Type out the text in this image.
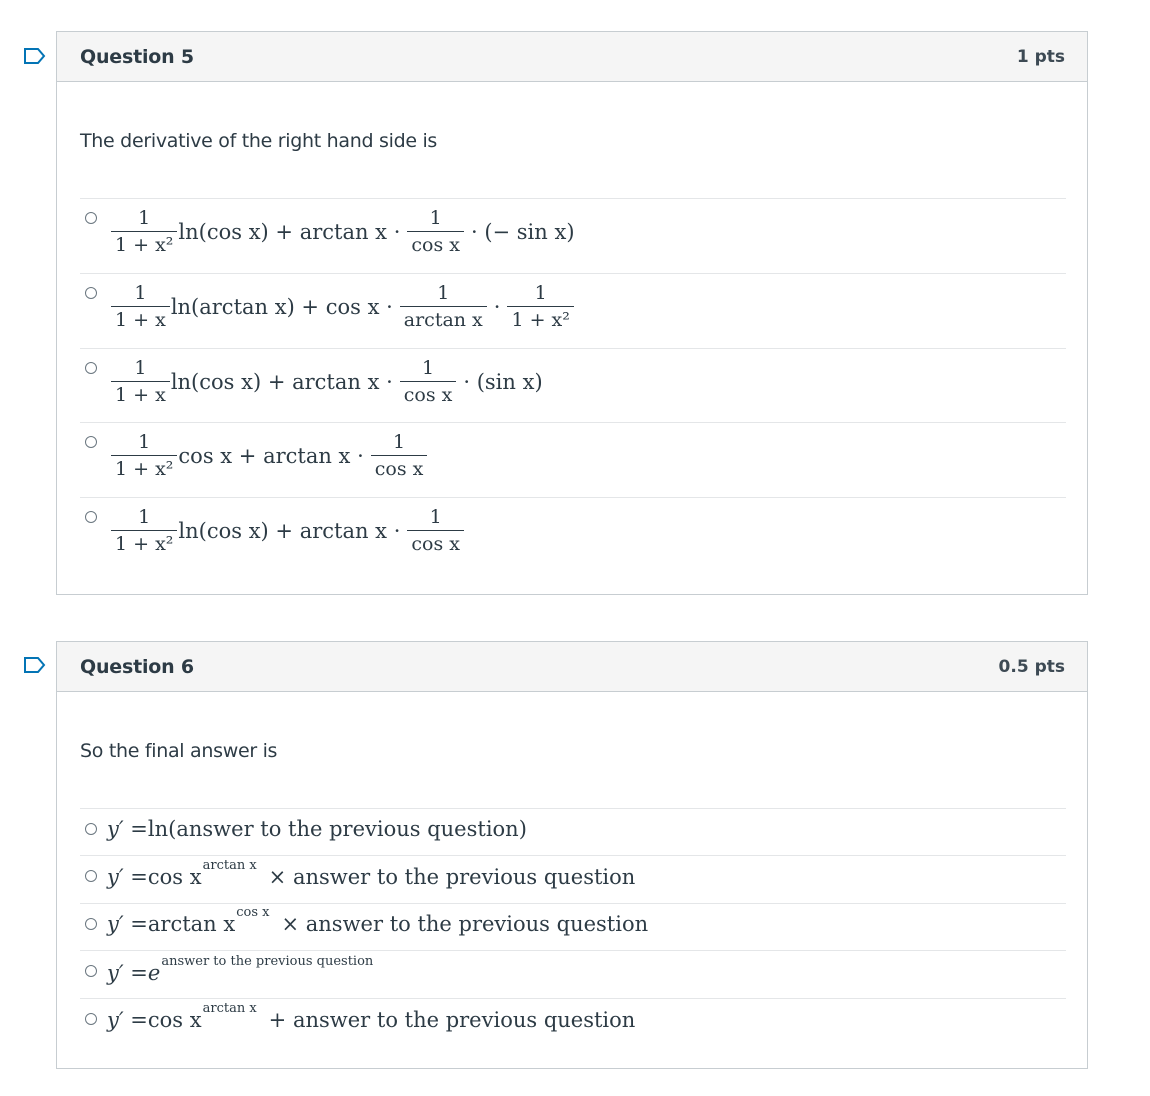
Question 5	1 pts
The derivative of the right hand side is
$\frac{1}{\text{1 + x²}} \ln(\cos$ $x) + \arctan x \cdot \frac{1}{\text{cos x}}$ · (− sin x)
$\frac{1}{1 + x} \ln(\arctan$ $x) + \cos x \cdot \frac{1}{\text{arctan x}} \cdot \frac{1}{\text{1 + x²}}$
$\frac{1}{1 + x} \ln(\cos$ $x) + \arctan x \cdot \frac{1}{\text{cos x}} \cdot (\sin$ x)
$\frac{1}{\text{1 + x²}}$ $\cos x + \arctan x \cdot \frac{1}{\text{cos x}}$
$\frac{1}{\text{1 + x²}} \ln(\cos$ $x) + \arctan x \cdot \frac{1}{\text{cos x}}$
Question 6	0.5 pts
So the final answer is
y′ = ln(answer to the previous question)
y′ = cos x arctan x × answer to the previous question
y′ = arctan x cos x × answer to the previous question
y′ = e answer to the previous question
y′ = cos x arctan x + answer to the previous question
